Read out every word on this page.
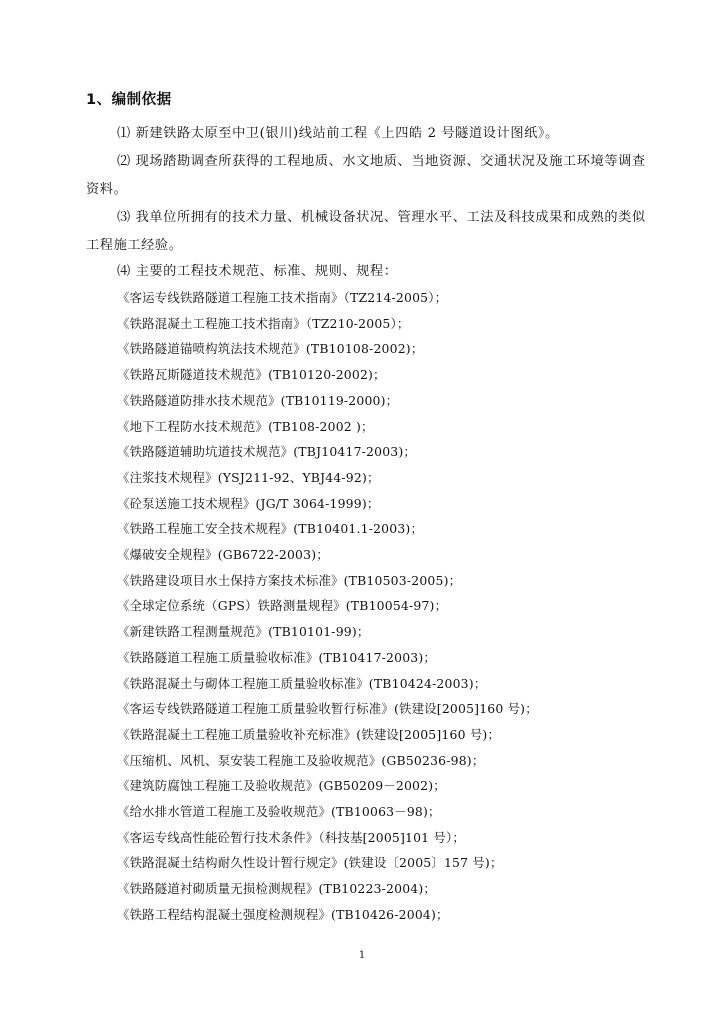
1、编制依据
⑴ 新建铁路太原至中卫(银川)线站前工程《上四皓 2 号隧道设计图纸》。
⑵ 现场踏勘调查所获得的工程地质、水文地质、当地资源、交通状况及施工环境等调查
资料。
⑶ 我单位所拥有的技术力量、机械设备状况、管理水平、工法及科技成果和成熟的类似
工程施工经验。
⑷ 主要的工程技术规范、标准、规则、规程：
《客运专线铁路隧道工程施工技术指南》（TZ214-2005）；
《铁路混凝土工程施工技术指南》（TZ210-2005）；
《铁路隧道锚喷构筑法技术规范》(TB10108-2002)；
《铁路瓦斯隧道技术规范》(TB10120-2002)；
《铁路隧道防排水技术规范》(TB10119-2000)；
《地下工程防水技术规范》(TB108-2002 )；
《铁路隧道辅助坑道技术规范》(TBJ10417-2003)；
《注浆技术规程》(YSJ211-92、YBJ44-92)；
《砼泵送施工技术规程》(JG/T 3064-1999)；
《铁路工程施工安全技术规程》(TB10401.1-2003)；
《爆破安全规程》(GB6722-2003)；
《铁路建设项目水土保持方案技术标准》(TB10503-2005)；
《全球定位系统（GPS）铁路测量规程》(TB10054-97)；
《新建铁路工程测量规范》(TB10101-99)；
《铁路隧道工程施工质量验收标准》(TB10417-2003)；
《铁路混凝土与砌体工程施工质量验收标准》(TB10424-2003)；
《客运专线铁路隧道工程施工质量验收暂行标准》(铁建设[2005]160 号)；
《铁路混凝土工程施工质量验收补充标准》(铁建设[2005]160 号)；
《压缩机、风机、泵安装工程施工及验收规范》(GB50236-98)；
《建筑防腐蚀工程施工及验收规范》(GB50209－2002)；
《给水排水管道工程施工及验收规范》(TB10063－98)；
《客运专线高性能砼暂行技术条件》（科技基[2005]101 号）；
《铁路混凝土结构耐久性设计暂行规定》(铁建设〔2005〕157 号)；
《铁路隧道衬砌质量无损检测规程》(TB10223-2004)；
《铁路工程结构混凝土强度检测规程》(TB10426-2004)；
1
